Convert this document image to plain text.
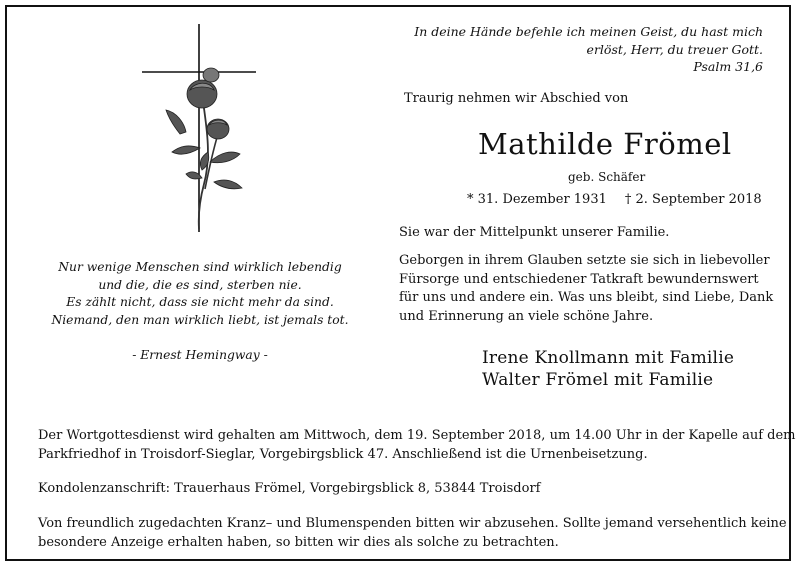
In deine Hände befehle ich meinen Geist, du hast mich
erlöst, Herr, du treuer Gott.
Psalm 31,6
Traurig nehmen wir Abschied von
Mathilde Frömel
geb. Schäfer
* 31. Dezember 1931 † 2. September 2018
Nur wenige Menschen sind wirklich lebendig
und die, die es sind, sterben nie.
Es zählt nicht, dass sie nicht mehr da sind.
Niemand, den man wirklich liebt, ist jemals tot.
- Ernest Hemingway -
Sie war der Mittelpunkt unserer Familie.
Geborgen in ihrem Glauben setzte sie sich in liebevoller
Fürsorge und entschiedener Tatkraft bewundernswert
für uns und andere ein. Was uns bleibt, sind Liebe, Dank
und Erinnerung an viele schöne Jahre.
Irene Knollmann mit Familie
Walter Frömel mit Familie
Der Wortgottesdienst wird gehalten am Mittwoch, dem 19. September 2018, um 14.00 Uhr in der Kapelle auf dem
Parkfriedhof in Troisdorf-Sieglar, Vorgebirgsblick 47. Anschließend ist die Urnenbeisetzung.
Kondolenzanschrift: Trauerhaus Frömel, Vorgebirgsblick 8, 53844 Troisdorf
Von freundlich zugedachten Kranz– und Blumenspenden bitten wir abzusehen. Sollte jemand versehentlich keine
besondere Anzeige erhalten haben, so bitten wir dies als solche zu betrachten.
